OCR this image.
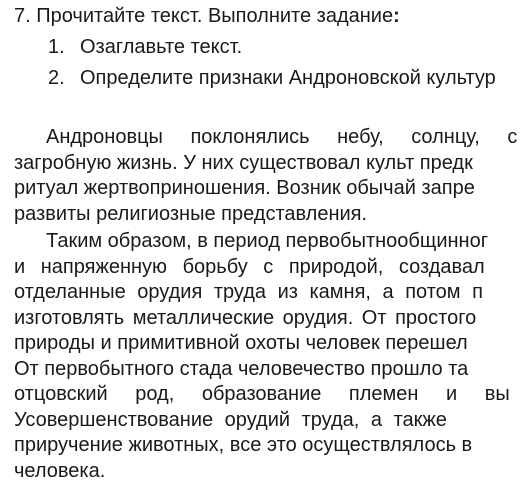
7. Прочитайте текст. Выполните задание:
1. Озаглавьте текст.
2. Определите признаки Андроновской культур
Андроновцы поклонялись небу, солнцу, с
загробную жизнь. У них существовал культ предк
ритуал жертвоприношения. Возник обычай запре
развиты религиозные представления.
Таким образом, в период первобытнообщинног
и напряженную борьбу с природой, создавал
отделанные орудия труда из камня, а потом п
изготовлять металлические орудия. От простого
природы и примитивной охоты человек перешел
От первобытного стада человечество прошло та
отцовский род, образование племен и вы
Усовершенствование орудий труда, а также
приручение животных, все это осуществлялось в
человека.
